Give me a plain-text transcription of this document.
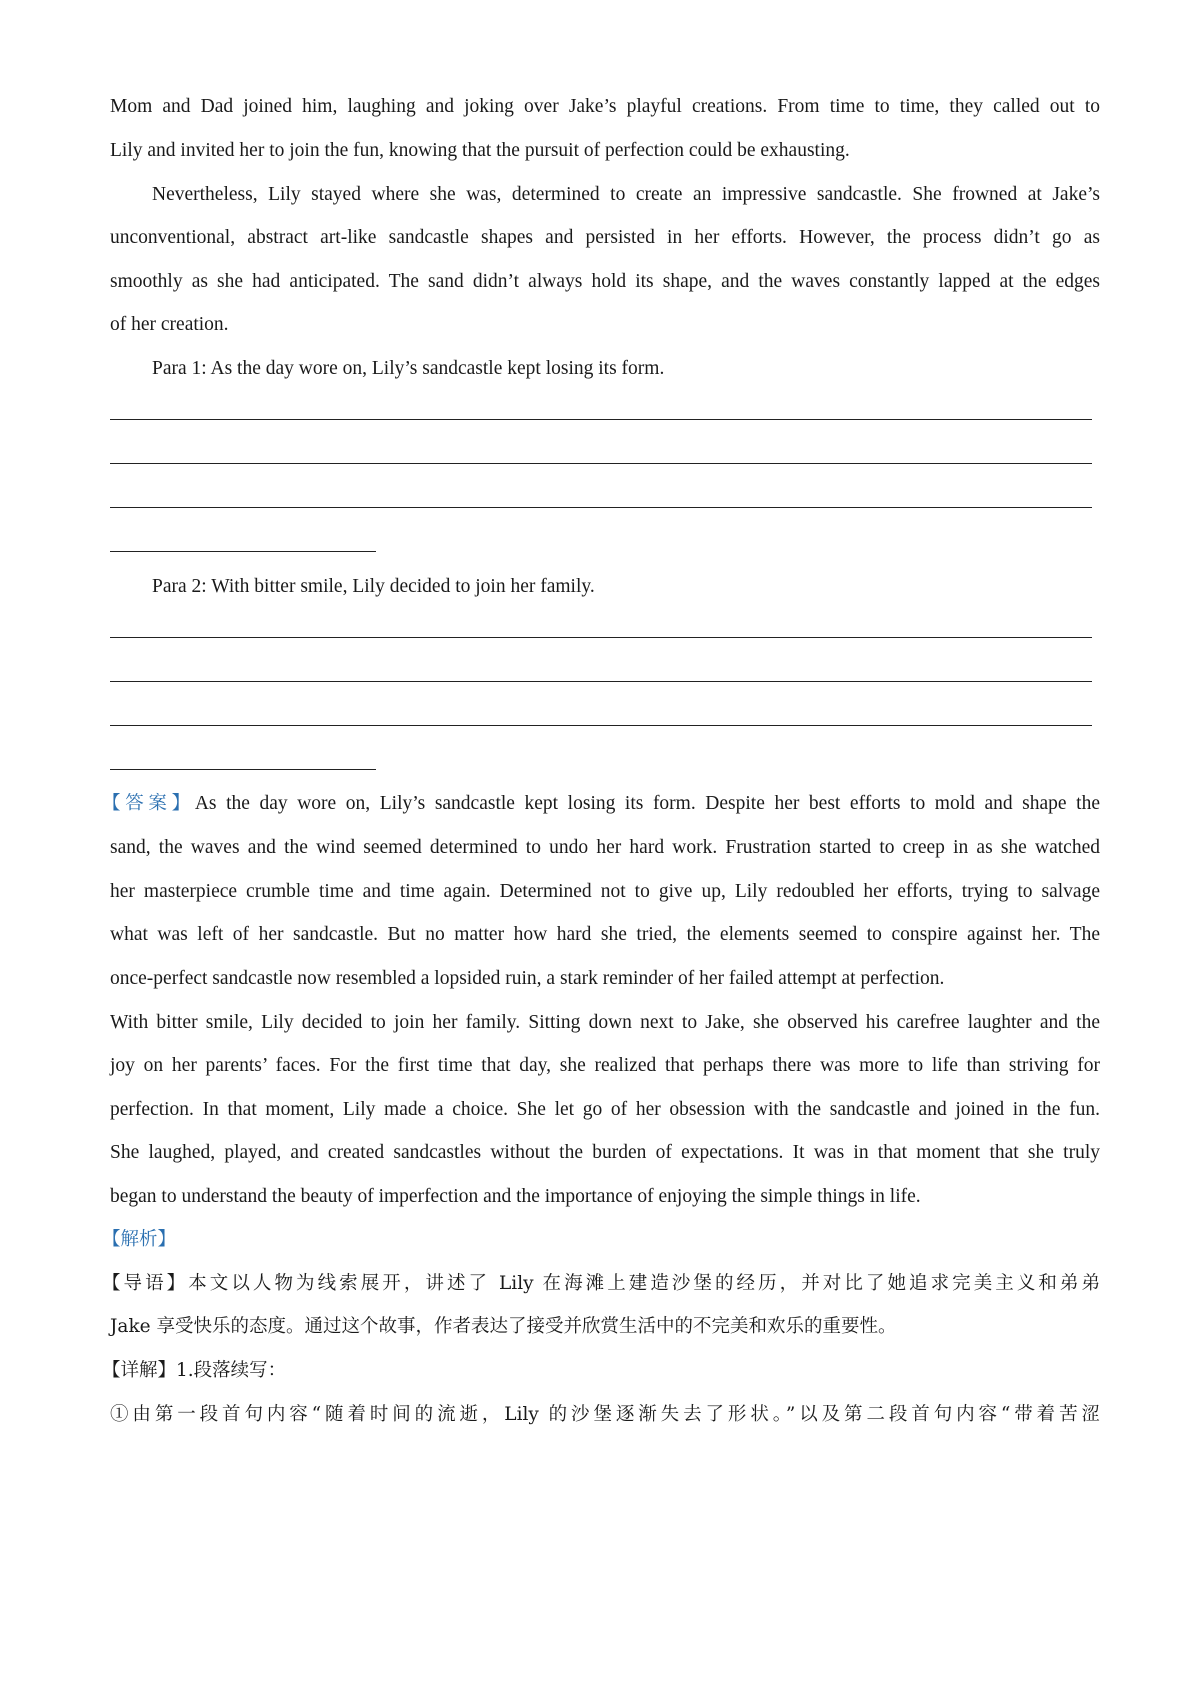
Mom and Dad joined him, laughing and joking over Jake’s playful creations. From time to time, they called out to
Lily and invited her to join the fun, knowing that the pursuit of perfection could be exhausting.
Nevertheless, Lily stayed where she was, determined to create an impressive sandcastle. She frowned at Jake’s
unconventional, abstract art-like sandcastle shapes and persisted in her efforts. However, the process didn’t go as
smoothly as she had anticipated. The sand didn’t always hold its shape, and the waves constantly lapped at the edges
of her creation.
Para 1: As the day wore on, Lily’s sandcastle kept losing its form.
Para 2: With bitter smile, Lily decided to join her family.
【答案】As the day wore on, Lily’s sandcastle kept losing its form. Despite her best efforts to mold and shape the
sand, the waves and the wind seemed determined to undo her hard work. Frustration started to creep in as she watched
her masterpiece crumble time and time again. Determined not to give up, Lily redoubled her efforts, trying to salvage
what was left of her sandcastle. But no matter how hard she tried, the elements seemed to conspire against her. The
once-perfect sandcastle now resembled a lopsided ruin, a stark reminder of her failed attempt at perfection.
With bitter smile, Lily decided to join her family. Sitting down next to Jake, she observed his carefree laughter and the
joy on her parents’ faces. For the first time that day, she realized that perhaps there was more to life than striving for
perfection. In that moment, Lily made a choice. She let go of her obsession with the sandcastle and joined in the fun.
She laughed, played, and created sandcastles without the burden of expectations. It was in that moment that she truly
began to understand the beauty of imperfection and the importance of enjoying the simple things in life.
【解析】
【导语】本文以人物为线索展开，讲述了 Lily 在海滩上建造沙堡的经历，并对比了她追求完美主义和弟弟
Jake 享受快乐的态度。通过这个故事，作者表达了接受并欣赏生活中的不完美和欢乐的重要性。
【详解】1.段落续写：
①由第一段首句内容“随着时间的流逝，Lily 的沙堡逐渐失去了形状。”以及第二段首句内容“带着苦涩
